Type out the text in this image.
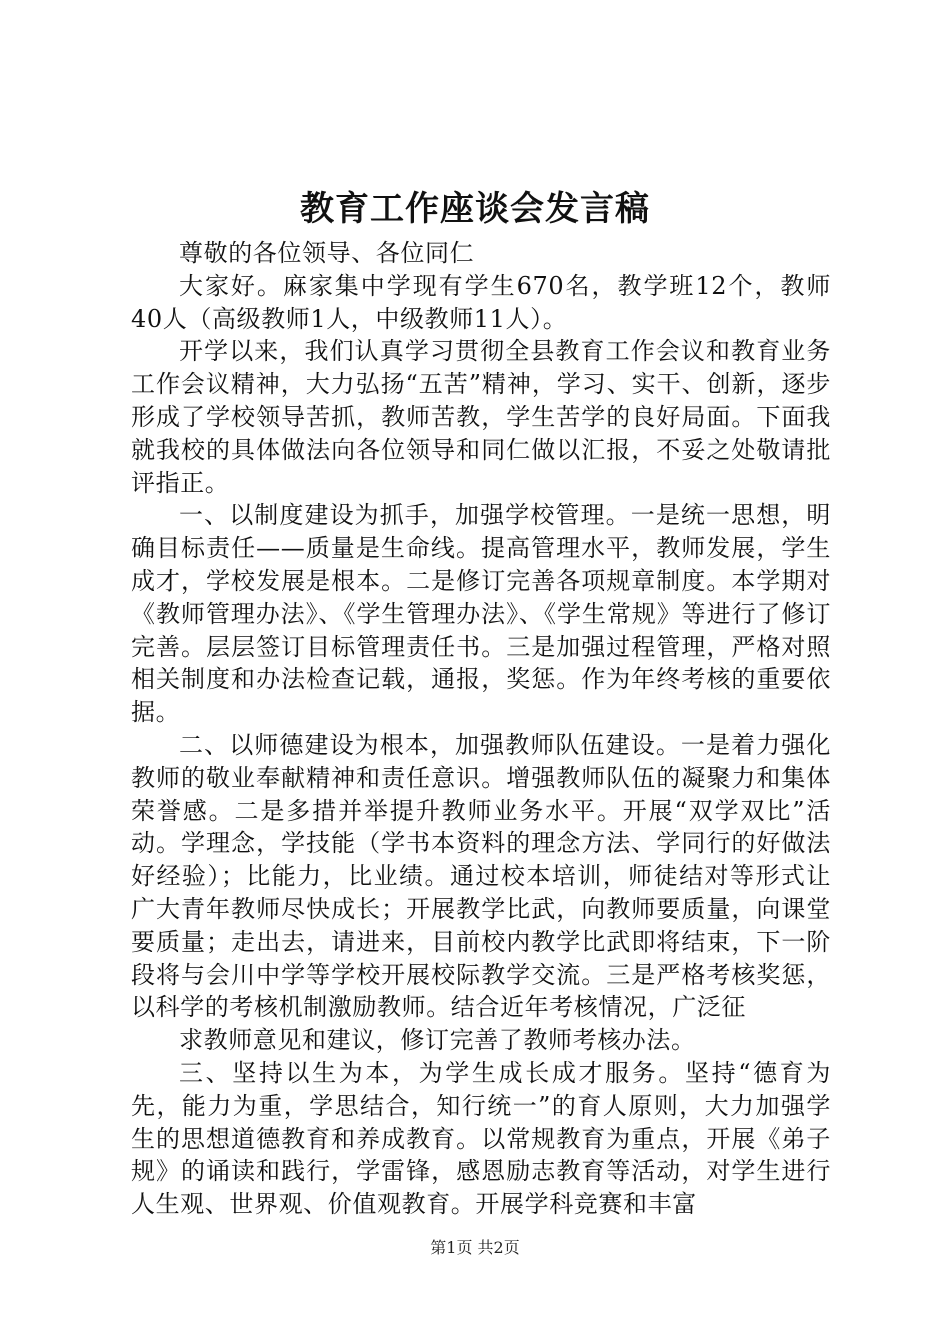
教育工作座谈会发言稿

尊敬的各位领导、各位同仁

大家好。麻家集中学现有学生670名，教学班12个，教师40人（高级教师1人，中级教师11人）。

开学以来，我们认真学习贯彻全县教育工作会议和教育业务工作会议精神，大力弘扬“五苦”精神，学习、实干、创新，逐步形成了学校领导苦抓，教师苦教，学生苦学的良好局面。下面我就我校的具体做法向各位领导和同仁做以汇报，不妥之处敬请批评指正。

一、以制度建设为抓手，加强学校管理。一是统一思想，明确目标责任——质量是生命线。提高管理水平，教师发展，学生成才，学校发展是根本。二是修订完善各项规章制度。本学期对《教师管理办法》、《学生管理办法》、《学生常规》等进行了修订完善。层层签订目标管理责任书。三是加强过程管理，严格对照相关制度和办法检查记载，通报，奖惩。作为年终考核的重要依据。

二、以师德建设为根本，加强教师队伍建设。一是着力强化教师的敬业奉献精神和责任意识。增强教师队伍的凝聚力和集体荣誉感。二是多措并举提升教师业务水平。开展“双学双比”活动。学理念，学技能（学书本资料的理念方法、学同行的好做法好经验）；比能力，比业绩。通过校本培训，师徒结对等形式让广大青年教师尽快成长；开展教学比武，向教师要质量，向课堂要质量；走出去，请进来，目前校内教学比武即将结束，下一阶段将与会川中学等学校开展校际教学交流。三是严格考核奖惩，以科学的考核机制激励教师。结合近年考核情况，广泛征

求教师意见和建议，修订完善了教师考核办法。

三、坚持以生为本，为学生成长成才服务。坚持“德育为先，能力为重，学思结合，知行统一”的育人原则，大力加强学生的思想道德教育和养成教育。以常规教育为重点，开展《弟子规》的诵读和践行，学雷锋，感恩励志教育等活动，对学生进行人生观、世界观、价值观教育。开展学科竞赛和丰富

第1页 共2页
